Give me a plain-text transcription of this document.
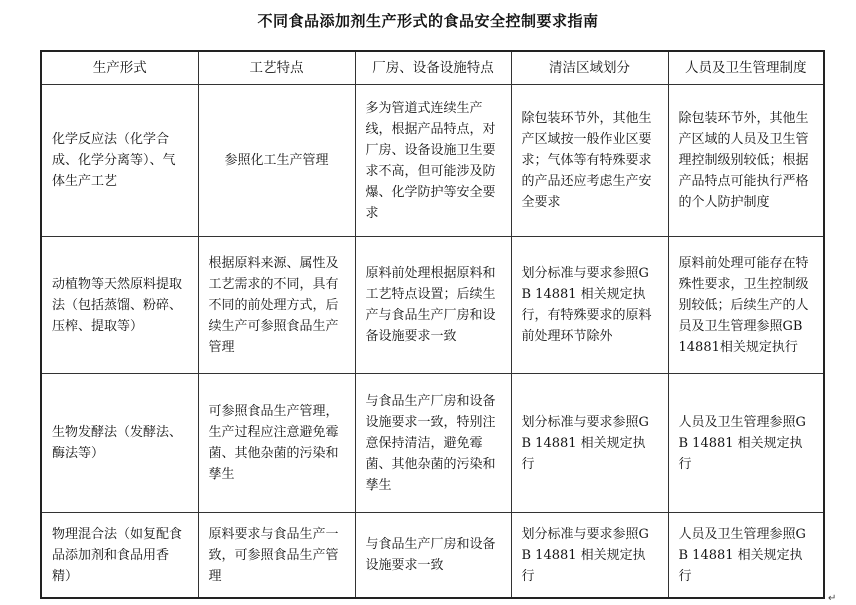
不同食品添加剂生产形式的食品安全控制要求指南
生产形式	工艺特点	厂房、设备设施特点	清洁区域划分	人员及卫生管理制度
化学反应法（化学合成、化学分离等）、气体生产工艺	参照化工生产管理	多为管道式连续生产线，根据产品特点，对厂房、设备设施卫生要求不高，但可能涉及防爆、化学防护等安全要求	除包装环节外，其他生产区域按一般作业区要求；气体等有特殊要求的产品还应考虑生产安全要求	除包装环节外，其他生产区域的人员及卫生管理控制级别较低；根据产品特点可能执行严格的个人防护制度
动植物等天然原料提取法（包括蒸馏、粉碎、压榨、提取等）	根据原料来源、属性及工艺需求的不同，具有不同的前处理方式，后续生产可参照食品生产管理	原料前处理根据原料和工艺特点设置；后续生产与食品生产厂房和设备设施要求一致	划分标准与要求参照GB 14881 相关规定执行，有特殊要求的原料前处理环节除外	原料前处理可能存在特殊性要求，卫生控制级别较低；后续生产的人员及卫生管理参照GB 14881相关规定执行
生物发酵法（发酵法、酶法等）	可参照食品生产管理，生产过程应注意避免霉菌、其他杂菌的污染和孳生	与食品生产厂房和设备设施要求一致，特别注意保持清洁，避免霉菌、其他杂菌的污染和孳生	划分标准与要求参照GB 14881 相关规定执行	人员及卫生管理参照GB 14881 相关规定执行
物理混合法（如复配食品添加剂和食品用香精）	原料要求与食品生产一致，可参照食品生产管理	与食品生产厂房和设备设施要求一致	划分标准与要求参照GB 14881 相关规定执行	人员及卫生管理参照GB 14881 相关规定执行
↵
